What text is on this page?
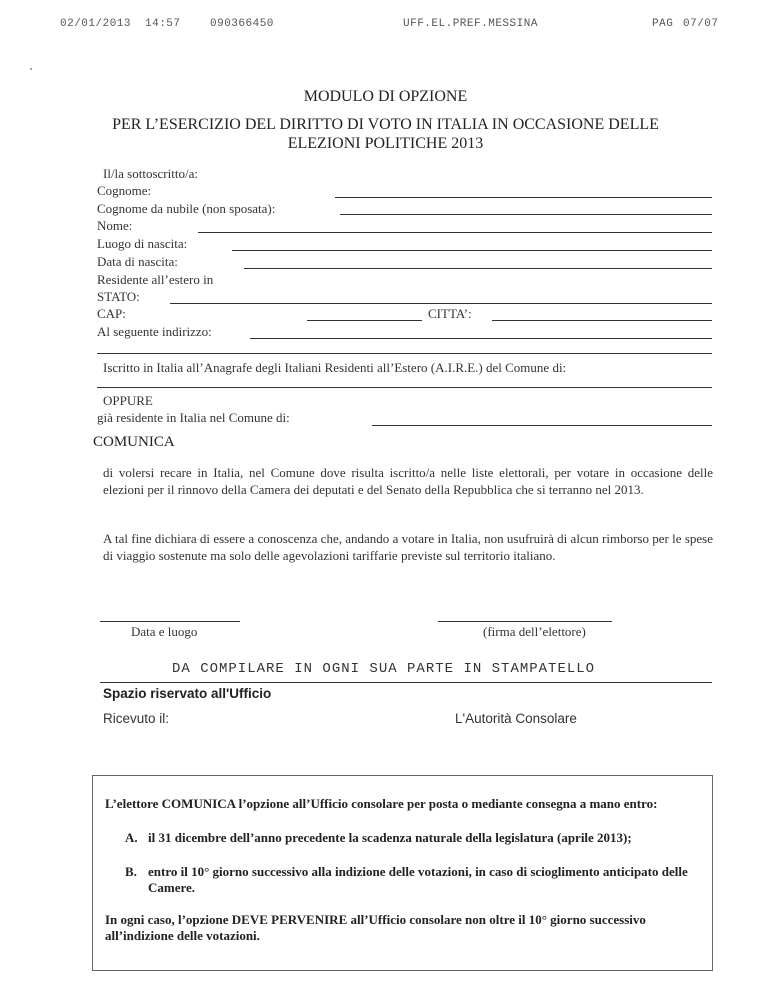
02/01/2013 14:57	090366450	UFF.EL.PREF.MESSINA	PAG 07/07
MODULO DI OPZIONE
PER L’ESERCIZIO DEL DIRITTO DI VOTO IN ITALIA IN OCCASIONE DELLE
ELEZIONI POLITICHE 2013
Il/la sottoscritto/a:
Cognome:
Cognome da nubile (non sposata):
Nome:
Luogo di nascita:
Data di nascita:
Residente all’estero in
STATO:
CAP:	CITTA’:
Al seguente indirizzo:
Iscritto in Italia all’Anagrafe degli Italiani Residenti all’Estero (A.I.R.E.) del Comune di:
OPPURE
già residente in Italia nel Comune di:
COMUNICA
di volersi recare in Italia, nel Comune dove risulta iscritto/a nelle liste elettorali, per votare in occasione delle elezioni per il rinnovo della Camera dei deputati e del Senato della Repubblica che si terranno nel 2013.
A tal fine dichiara di essere a conoscenza che, andando a votare in Italia, non usufruirà di alcun rimborso per le spese di viaggio sostenute ma solo delle agevolazioni tariffarie previste sul territorio italiano.
Data e luogo	(firma dell’elettore)
DA COMPILARE IN OGNI SUA PARTE IN STAMPATELLO
Spazio riservato all'Ufficio
Ricevuto il:	L'Autorità Consolare
L’elettore COMUNICA l’opzione all’Ufficio consolare per posta o mediante consegna a mano entro:
A. il 31 dicembre dell’anno precedente la scadenza naturale della legislatura (aprile 2013);
B. entro il 10° giorno successivo alla indizione delle votazioni, in caso di scioglimento anticipato delle Camere.
In ogni caso, l’opzione DEVE PERVENIRE all’Ufficio consolare non oltre il 10° giorno successivo all’indizione delle votazioni.
